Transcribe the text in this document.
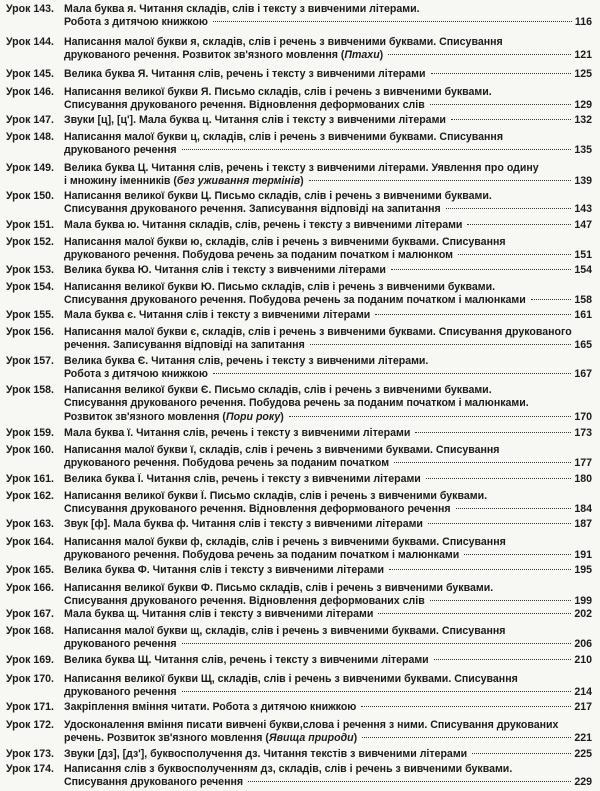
Урок 143. Мала буква я. Читання складів, слів і тексту з вивченими літерами.
Робота з дитячою книжкою	116
Урок 144. Написання малої букви я, складів, слів і речень з вивченими буквами. Списування
друкованого речення. Розвиток зв'язного мовлення (Птахи)	121
Урок 145. Велика буква Я. Читання слів, речень і тексту з вивченими літерами	125
Урок 146. Написання великої букви Я. Письмо складів, слів і речень з вивченими буквами.
Списування друкованого речення. Відновлення деформованих слів	129
Урок 147. Звуки [ц], [ц']. Мала буква ц. Читання слів і тексту з вивченими літерами	132
Урок 148. Написання малої букви ц, складів, слів і речень з вивченими буквами. Списування
друкованого речення	135
Урок 149. Велика буква Ц. Читання слів, речень і тексту з вивченими літерами. Уявлення про одину
і множину іменників (без уживання термінів)	139
Урок 150. Написання великої букви Ц. Письмо складів, слів і речень з вивченими буквами.
Списування друкованого речення. Записування відповіді на запитання	143
Урок 151. Мала буква ю. Читання складів, слів, речень і тексту з вивченими літерами	147
Урок 152. Написання малої букви ю, складів, слів і речень з вивченими буквами. Списування
друкованого речення. Побудова речень за поданим початком і малюнком	151
Урок 153. Велика буква Ю. Читання слів і тексту з вивченими літерами	154
Урок 154. Написання великої букви Ю. Письмо складів, слів і речень з вивченими буквами.
Списування друкованого речення. Побудова речень за поданим початком і малюнками	158
Урок 155. Мала буква є. Читання слів і тексту з вивченими літерами	161
Урок 156. Написання малої букви є, складів, слів і речень з вивченими буквами. Списування друкованого
речення. Записування відповіді на запитання	165
Урок 157. Велика буква Є. Читання слів, речень і тексту з вивченими літерами.
Робота з дитячою книжкою	167
Урок 158. Написання великої букви Є. Письмо складів, слів і речень з вивченими буквами.
Списування друкованого речення. Побудова речень за поданим початком і малюнками.
Розвиток зв'язного мовлення (Пори року)	170
Урок 159. Мала буква ї. Читання слів, речень і тексту з вивченими літерами	173
Урок 160. Написання малої букви ї, складів, слів і речень з вивченими буквами. Списування
друкованого речення. Побудова речень за поданим початком	177
Урок 161. Велика буква Ї. Читання слів, речень і тексту з вивченими літерами	180
Урок 162. Написання великої букви Ї. Письмо складів, слів і речень з вивченими буквами.
Списування друкованого речення. Відновлення деформованого речення	184
Урок 163. Звук [ф]. Мала буква ф. Читання слів і тексту з вивченими літерами	187
Урок 164. Написання малої букви ф, складів, слів і речень з вивченими буквами. Списування
друкованого речення. Побудова речень за поданим початком і малюнками	191
Урок 165. Велика буква Ф. Читання слів і тексту з вивченими літерами	195
Урок 166. Написання великої букви Ф. Письмо складів, слів і речень з вивченими буквами.
Списування друкованого речення. Відновлення деформованих слів	199
Урок 167. Мала буква щ. Читання слів і тексту з вивченими літерами	202
Урок 168. Написання малої букви щ, складів, слів і речень з вивченими буквами. Списування
друкованого речення	206
Урок 169. Велика буква Щ. Читання слів, речень і тексту з вивченими літерами	210
Урок 170. Написання великої букви Щ, складів, слів і речень з вивченими буквами. Списування
друкованого речення	214
Урок 171. Закріплення вміння читати. Робота з дитячою книжкою	217
Урок 172. Удосконалення вміння писати вивчені букви,слова і речення з ними. Списування друкованих
речень. Розвиток зв'язного мовлення (Явища природи)	221
Урок 173. Звуки [дз], [дз'], буквосполучення дз. Читання текстів з вивченими літерами	225
Урок 174. Написання слів з буквосполученням дз, складів, слів і речень з вивченими буквами.
Списування друкованого речення	229
